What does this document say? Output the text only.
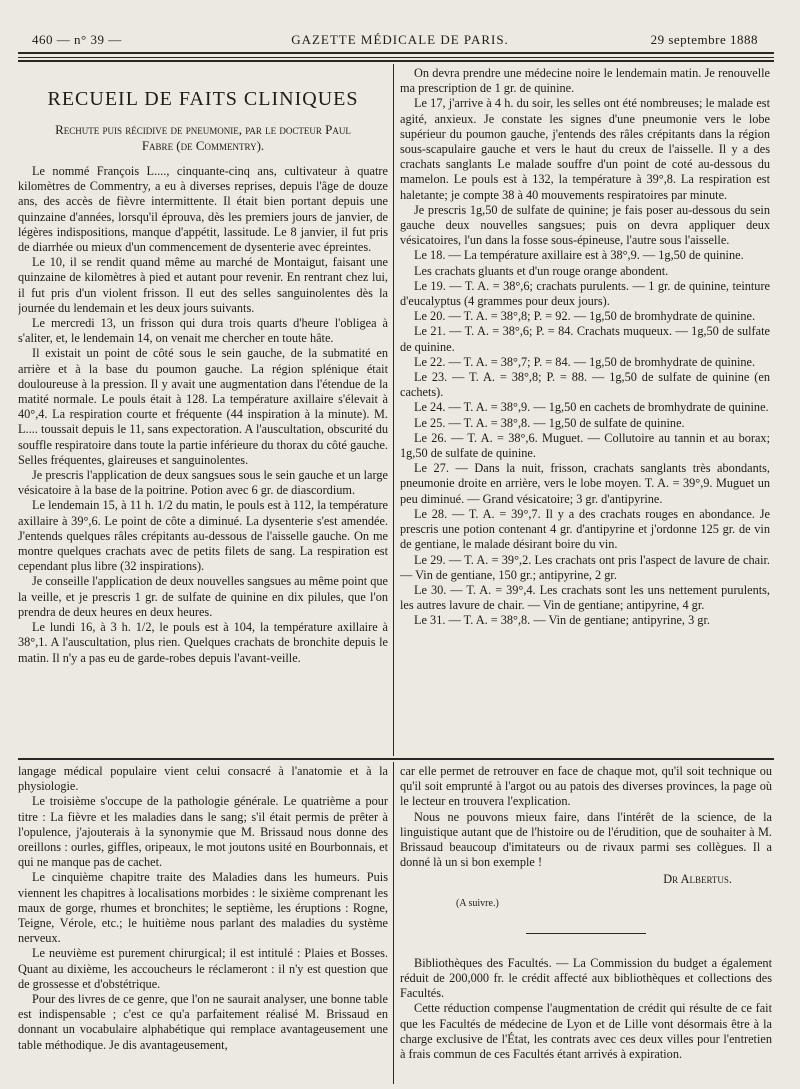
460 — n° 39 —	GAZETTE MÉDICALE DE PARIS.	29 septembre 1888
RECUEIL DE FAITS CLINIQUES
Rechute puis récidive de pneumonie, par le docteur Paul
Fabre (de Commentry).

Le nommé François L...., cinquante-cinq ans, cultivateur à quatre kilomètres de Commentry, a eu à diverses reprises, depuis l'âge de douze ans, des accès de fièvre intermittente. Il était bien portant depuis une quinzaine d'années, lorsqu'il éprouva, dès les premiers jours de janvier, de légères indispositions, manque d'appétit, lassitude. Le 8 janvier, il fut pris de diarrhée ou mieux d'un commencement de dysenterie avec épreintes.

Le 10, il se rendit quand même au marché de Montaigut, faisant une quinzaine de kilomètres à pied et autant pour revenir. En rentrant chez lui, il fut pris d'un violent frisson. Il eut des selles sanguinolentes dès la journée du lendemain et les deux jours suivants.

Le mercredi 13, un frisson qui dura trois quarts d'heure l'obligea à s'aliter, et, le lendemain 14, on venait me chercher en toute hâte.

Il existait un point de côté sous le sein gauche, de la submatité en arrière et à la base du poumon gauche. La région splénique était douloureuse à la pression. Il y avait une augmentation dans l'étendue de la matité normale. Le pouls était à 128. La température axillaire s'élevait à 40°,4. La respiration courte et fréquente (44 inspiration à la minute). M. L.... toussait depuis le 11, sans expectoration. A l'auscultation, obscurité du souffle respiratoire dans toute la partie inférieure du thorax du côté gauche. Selles fréquentes, glaireuses et sanguinolentes.

Je prescris l'application de deux sangsues sous le sein gauche et un large vésicatoire à la base de la poitrine. Potion avec 6 gr. de diascordium.

Le lendemain 15, à 11 h. 1/2 du matin, le pouls est à 112, la température axillaire à 39°,6. Le point de côte a diminué. La dysenterie s'est amendée. J'entends quelques râles crépitants au-dessous de l'aisselle gauche. On me montre quelques crachats avec de petits filets de sang. La respiration est cependant plus libre (32 inspirations).

Je conseille l'application de deux nouvelles sangsues au même point que la veille, et je prescris 1 gr. de sulfate de quinine en dix pilules, que l'on prendra de deux heures en deux heures.

Le lundi 16, à 3 h. 1/2, le pouls est à 104, la température axillaire à 38°,1. A l'auscultation, plus rien. Quelques crachats de bronchite depuis le matin. Il n'y a pas eu de garde-robes depuis l'avant-veille.

On devra prendre une médecine noire le lendemain matin. Je renouvelle ma prescription de 1 gr. de quinine.

Le 17, j'arrive à 4 h. du soir, les selles ont été nombreuses; le malade est agité, anxieux. Je constate les signes d'une pneumonie vers le lobe supérieur du poumon gauche, j'entends des râles crépitants dans la région sous-scapulaire gauche et vers le haut du creux de l'aisselle. Il y a des crachats sanglants Le malade souffre d'un point de coté au-dessous du mamelon. Le pouls est à 132, la température à 39°,8. La respiration est haletante; je compte 38 à 40 mouvements respiratoires par minute.

Je prescris 1g,50 de sulfate de quinine; je fais poser au-dessous du sein gauche deux nouvelles sangsues; puis on devra appliquer deux vésicatoires, l'un dans la fosse sous-épineuse, l'autre sous l'aisselle.

Le 18. — La température axillaire est à 38°,9. — 1g,50 de quinine.

Les crachats gluants et d'un rouge orange abondent.

Le 19. — T. A. = 38°,6; crachats purulents. — 1 gr. de quinine, teinture d'eucalyptus (4 grammes pour deux jours).

Le 20. — T. A. = 38°,8; P. = 92. — 1g,50 de bromhydrate de quinine.

Le 21. — T. A. = 38°,6; P. = 84. Crachats muqueux. — 1g,50 de sulfate de quinine.

Le 22. — T. A. = 38°,7; P. = 84. — 1g,50 de bromhydrate de quinine.

Le 23. — T. A. = 38°,8; P. = 88. — 1g,50 de sulfate de quinine (en cachets).

Le 24. — T. A. = 38°,9. — 1g,50 en cachets de bromhydrate de quinine.

Le 25. — T. A. = 38°,8. — 1g,50 de sulfate de quinine.

Le 26. — T. A. = 38°,6. Muguet. — Collutoire au tannin et au borax; 1g,50 de sulfate de quinine.

Le 27. — Dans la nuit, frisson, crachats sanglants très abondants, pneumonie droite en arrière, vers le lobe moyen. T. A. = 39°,9. Muguet un peu diminué. — Grand vésicatoire; 3 gr. d'antipyrine.

Le 28. — T. A. = 39°,7. Il y a des crachats rouges en abondance. Je prescris une potion contenant 4 gr. d'antipyrine et j'ordonne 125 gr. de vin de gentiane, le malade désirant boire du vin.

Le 29. — T. A. = 39°,2. Les crachats ont pris l'aspect de lavure de chair. — Vin de gentiane, 150 gr.; antipyrine, 2 gr.

Le 30. — T. A. = 39°,4. Les crachats sont les uns nettement purulents, les autres lavure de chair. — Vin de gentiane; antipyrine, 4 gr.

Le 31. — T. A. = 38°,8. — Vin de gentiane; antipyrine, 3 gr.

langage médical populaire vient celui consacré à l'anatomie et à la physiologie.

Le troisième s'occupe de la pathologie générale. Le quatrième a pour titre : La fièvre et les maladies dans le sang; s'il était permis de prêter à l'opulence, j'ajouterais à la synonymie que M. Brissaud nous donne des oreillons : ourles, giffles, oripeaux, le mot joutons usité en Bourbonnais, et qui ne manque pas de cachet.

Le cinquième chapitre traite des Maladies dans les humeurs. Puis viennent les chapitres à localisations morbides : le sixième comprenant les maux de gorge, rhumes et bronchites; le septième, les éruptions : Rogne, Teigne, Vérole, etc.; le huitième nous parlant des maladies du système nerveux.

Le neuvième est purement chirurgical; il est intitulé : Plaies et Bosses. Quant au dixième, les accoucheurs le réclameront : il n'y est question que de grossesse et d'obstétrique.

Pour des livres de ce genre, que l'on ne saurait analyser, une bonne table est indispensable ; c'est ce qu'a parfaitement réalisé M. Brissaud en donnant un vocabulaire alphabétique qui remplace avantageusement une table méthodique. Je dis avantageusement,

car elle permet de retrouver en face de chaque mot, qu'il soit technique ou qu'il soit emprunté à l'argot ou au patois des diverses provinces, la page où le lecteur en trouvera l'explication.

Nous ne pouvons mieux faire, dans l'intérêt de la science, de la linguistique autant que de l'histoire ou de l'érudition, que de souhaiter à M. Brissaud beaucoup d'imitateurs ou de rivaux parmi ses collègues. Il a donné là un si bon exemple !

Dr Albertus.
(A suivre.)

Bibliothèques des Facultés. — La Commission du budget a également réduit de 200,000 fr. le crédit affecté aux bibliothèques et collections des Facultés.

Cette réduction compense l'augmentation de crédit qui résulte de ce fait que les Facultés de médecine de Lyon et de Lille vont désormais être à la charge exclusive de l'État, les contrats avec ces deux villes pour l'entretien à frais commun de ces Facultés étant arrivés à expiration.
